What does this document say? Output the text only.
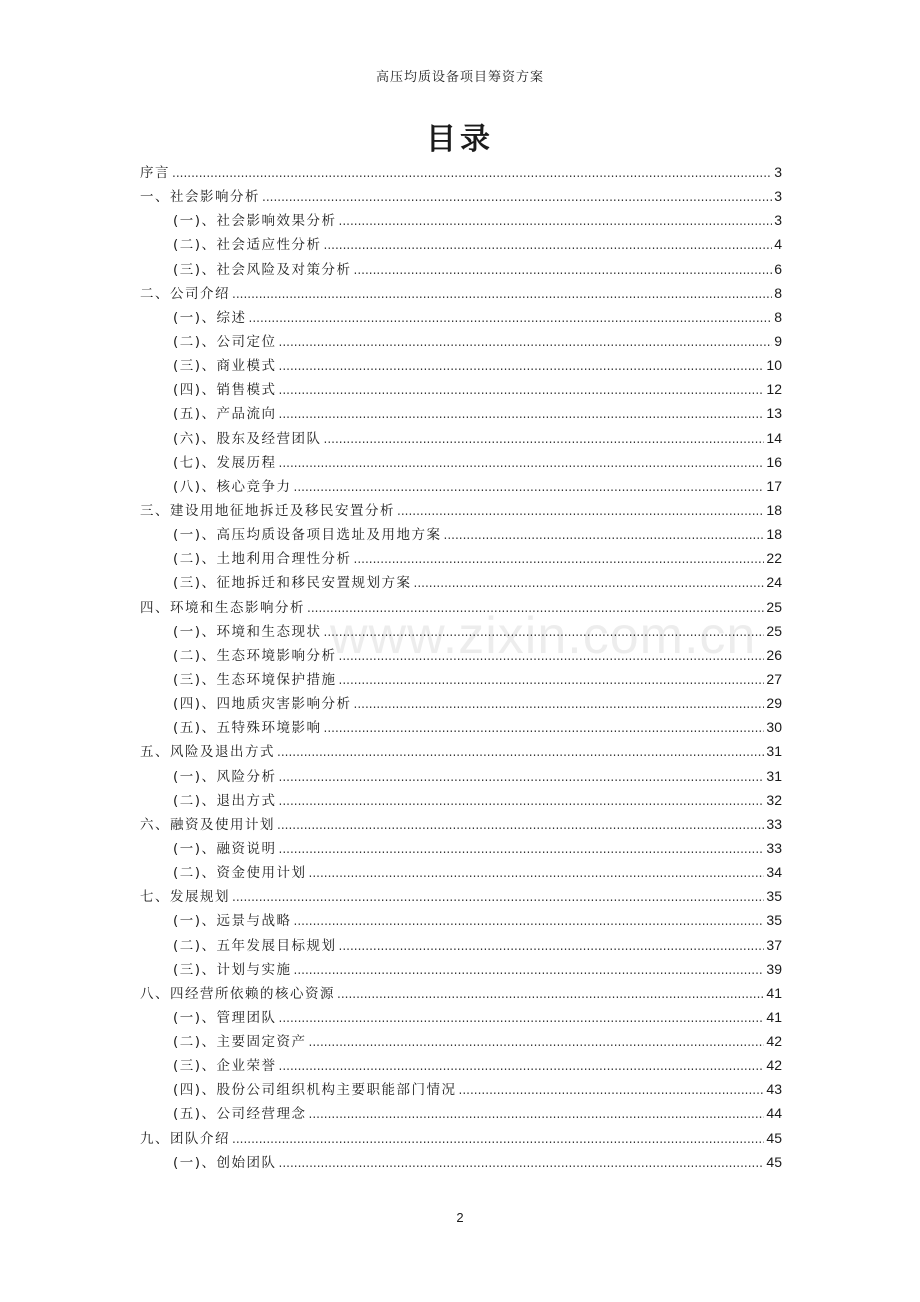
高压均质设备项目筹资方案
目录
序言 .....	3
一、社会影响分析 .....	3
(一)、社会影响效果分析 .....	3
(二)、社会适应性分析 .....	4
(三)、社会风险及对策分析 .....	6
二、公司介绍 .....	8
(一)、综述 .....	8
(二)、公司定位 .....	9
(三)、商业模式 .....	10
(四)、销售模式 .....	12
(五)、产品流向 .....	13
(六)、股东及经营团队 .....	14
(七)、发展历程 .....	16
(八)、核心竞争力 .....	17
三、建设用地征地拆迁及移民安置分析 .....	18
(一)、高压均质设备项目选址及用地方案 .....	18
(二)、土地利用合理性分析 .....	22
(三)、征地拆迁和移民安置规划方案 .....	24
四、环境和生态影响分析 .....	25
(一)、环境和生态现状 .....	25
(二)、生态环境影响分析 .....	26
(三)、生态环境保护措施 .....	27
(四)、四地质灾害影响分析 .....	29
(五)、五特殊环境影响 .....	30
五、风险及退出方式 .....	31
(一)、风险分析 .....	31
(二)、退出方式 .....	32
六、融资及使用计划 .....	33
(一)、融资说明 .....	33
(二)、资金使用计划 .....	34
七、发展规划 .....	35
(一)、远景与战略 .....	35
(二)、五年发展目标规划 .....	37
(三)、计划与实施 .....	39
八、四经营所依赖的核心资源 .....	41
(一)、管理团队 .....	41
(二)、主要固定资产 .....	42
(三)、企业荣誉 .....	42
(四)、股份公司组织机构主要职能部门情况 .....	43
(五)、公司经营理念 .....	44
九、团队介绍 .....	45
(一)、创始团队 .....	45
www.zixin.com.cn
2
